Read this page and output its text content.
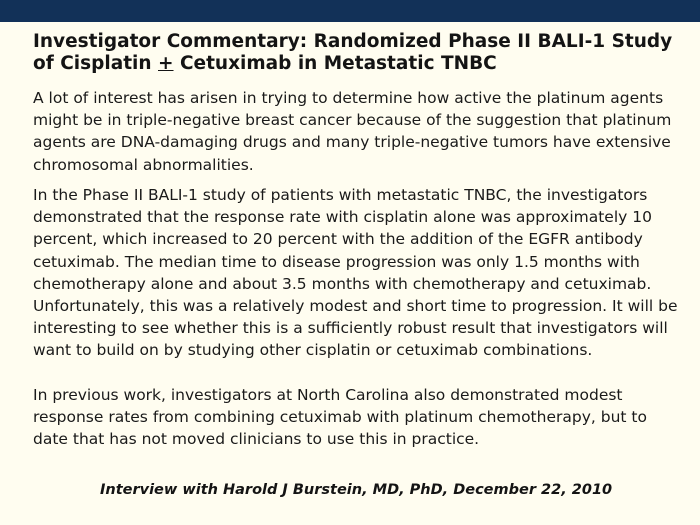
Investigator Commentary: Randomized Phase II BALI-1 Study of Cisplatin + Cetuximab in Metastatic TNBC

A lot of interest has arisen in trying to determine how active the platinum agents might be in triple-negative breast cancer because of the suggestion that platinum agents are DNA-damaging drugs and many triple-negative tumors have extensive chromosomal abnormalities.

In the Phase II BALI-1 study of patients with metastatic TNBC, the investigators demonstrated that the response rate with cisplatin alone was approximately 10 percent, which increased to 20 percent with the addition of the EGFR antibody cetuximab. The median time to disease progression was only 1.5 months with chemotherapy alone and about 3.5 months with chemotherapy and cetuximab. Unfortunately, this was a relatively modest and short time to progression. It will be interesting to see whether this is a sufficiently robust result that investigators will want to build on by studying other cisplatin or cetuximab combinations.

In previous work, investigators at North Carolina also demonstrated modest response rates from combining cetuximab with platinum chemotherapy, but to date that has not moved clinicians to use this in practice.

Interview with Harold J Burstein, MD, PhD, December 22, 2010
